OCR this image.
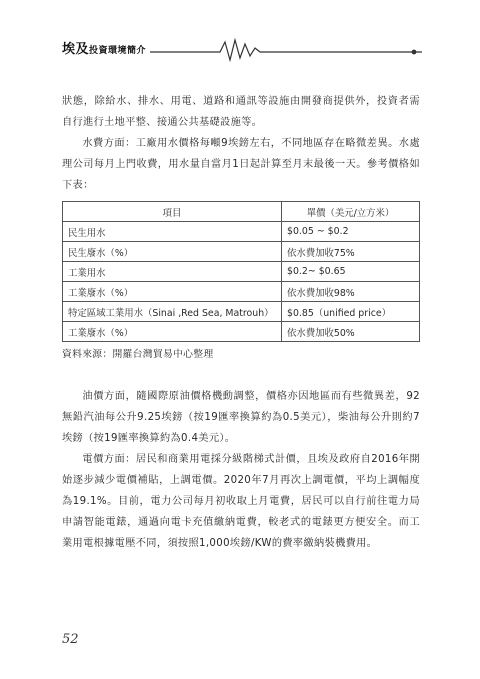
埃及投資環境簡介

狀態，除給水、排水、用電、道路和通訊等設施由開發商提供外，投資者需自行進行土地平整、接通公共基礎設施等。

水費方面：工廠用水價格每噸9埃鎊左右，不同地區存在略微差異。水處理公司每月上門收費，用水量自當月1日起計算至月末最後一天。參考價格如下表：

項目	單價（美元/立方米）
民生用水	$0.05 ~ $0.2
民生廢水（%）	依水費加收75%
工業用水	$0.2~ $0.65
工業廢水（%）	依水費加收98%
特定區域工業用水（Sinai ,Red Sea, Matrouh）	$0.85（unified price）
工業廢水（%）	依水費加收50%
資料來源：開羅台灣貿易中心整理

油價方面，隨國際原油價格機動調整，價格亦因地區而有些微異差，92無鉛汽油每公升9.25埃鎊（按19匯率換算約為0.5美元），柴油每公升則約7埃鎊（按19匯率換算約為0.4美元）。

電價方面：居民和商業用電採分級階梯式計價，且埃及政府自2016年開始逐步減少電價補貼，上調電價。2020年7月再次上調電價，平均上調幅度為19.1%。目前，電力公司每月初收取上月電費，居民可以自行前往電力局申請智能電錶，通過向電卡充值繳納電費，較老式的電錶更方便安全。而工業用電根據電壓不同，須按照1,000埃鎊/KW的費率繳納裝機費用。

52
